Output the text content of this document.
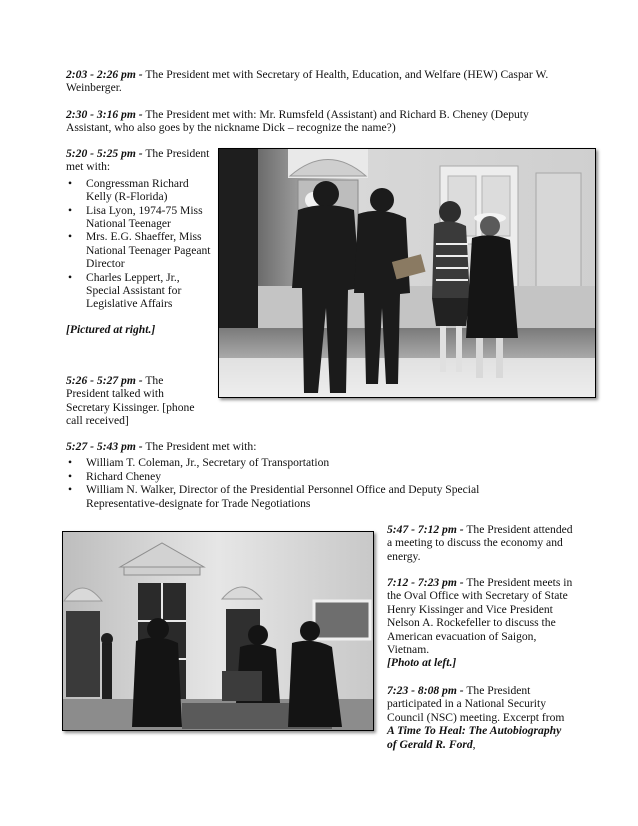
2:03 - 2:26 pm - The President met with Secretary of Health, Education, and Welfare (HEW) Caspar W. Weinberger.

2:30 - 3:16 pm - The President met with: Mr. Rumsfeld (Assistant) and Richard B. Cheney (Deputy Assistant, who also goes by the nickname Dick – recognize the name?)

5:20 - 5:25 pm - The President met with:

• Congressman Richard Kelly (R-Florida)
• Lisa Lyon, 1974-75 Miss National Teenager
• Mrs. E.G. Shaeffer, Miss National Teenager Pageant Director
• Charles Leppert, Jr., Special Assistant for Legislative Affairs

[Pictured at right.]

5:26 - 5:27 pm - The President talked with Secretary Kissinger. [phone call received]

5:27 - 5:43 pm - The President met with:

• William T. Coleman, Jr., Secretary of Transportation
• Richard Cheney
• William N. Walker, Director of the Presidential Personnel Office and Deputy Special Representative-designate for Trade Negotiations

5:47 - 7:12 pm - The President attended a meeting to discuss the economy and energy.

7:12 - 7:23 pm - The President meets in the Oval Office with Secretary of State Henry Kissinger and Vice President Nelson A. Rockefeller to discuss the American evacuation of Saigon, Vietnam.

[Photo at left.]

7:23 - 8:08 pm - The President participated in a National Security Council (NSC) meeting. Excerpt from A Time To Heal: The Autobiography of Gerald R. Ford,
